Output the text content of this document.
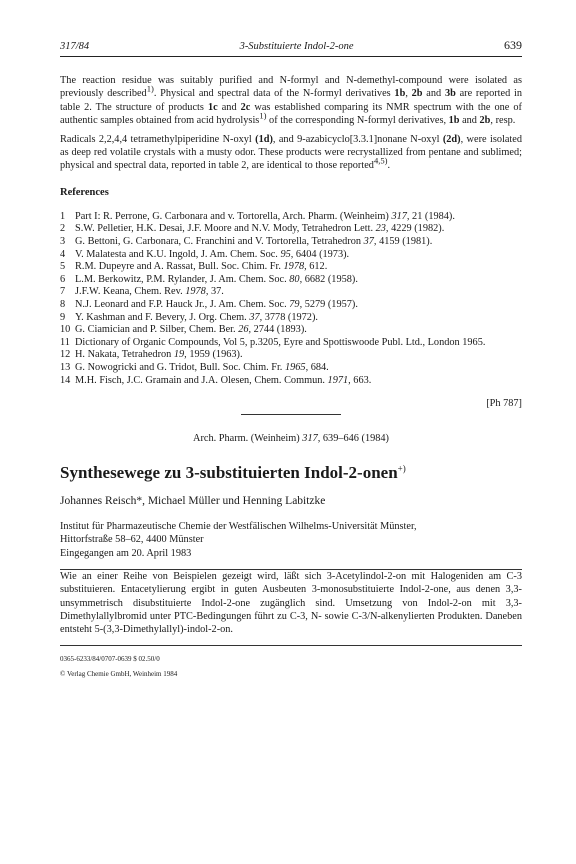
317/84	3-Substituierte Indol-2-one	639

The reaction residue was suitably purified and N-formyl and N-demethyl-compound were isolated as previously described$^{1)}$. Physical and spectral data of the N-formyl derivatives 1b, 2b and 3b are reported in table 2. The structure of products 1c and 2c was established comparing its NMR spectrum with the one of authentic samples obtained from acid hydrolysis$^{1)}$ of the corresponding N-formyl derivatives, 1b and 2b, resp.

Radicals 2,2,4,4 tetramethylpiperidine N-oxyl (1d), and 9-azabicyclo[3.3.1]nonane N-oxyl (2d), were isolated as deep red volatile crystals with a musty odor. These products were recrystallized from pentane and sublimed; physical and spectral data, reported in table 2, are identical to those reported$^{4,5)}$.

References
1 Part I: R. Perrone, G. Carbonara and v. Tortorella, Arch. Pharm. (Weinheim) 317, 21 (1984).
2 S.W. Pelletier, H.K. Desai, J.F. Moore and N.V. Mody, Tetrahedron Lett. 23, 4229 (1982).
3 G. Bettoni, G. Carbonara, C. Franchini and V. Tortorella, Tetrahedron 37, 4159 (1981).
4 V. Malatesta and K.U. Ingold, J. Am. Chem. Soc. 95, 6404 (1973).
5 R.M. Dupeyre and A. Rassat, Bull. Soc. Chim. Fr. 1978, 612.
6 L.M. Berkowitz, P.M. Rylander, J. Am. Chem. Soc. 80, 6682 (1958).
7 J.F.W. Keana, Chem. Rev. 1978, 37.
8 N.J. Leonard and F.P. Hauck Jr., J. Am. Chem. Soc. 79, 5279 (1957).
9 Y. Kashman and F. Bevery, J. Org. Chem. 37, 3778 (1972).
10 G. Ciamician and P. Silber, Chem. Ber. 26, 2744 (1893).
11 Dictionary of Organic Compounds, Vol 5, p.3205, Eyre and Spottiswoode Publ. Ltd., London 1965.
12 H. Nakata, Tetrahedron 19, 1959 (1963).
13 G. Nowogricki and G. Tridot, Bull. Soc. Chim. Fr. 1965, 684.
14 M.H. Fisch, J.C. Gramain and J.A. Olesen, Chem. Commun. 1971, 663.
[Ph 787]
Arch. Pharm. (Weinheim) 317, 639–646 (1984)
Synthesewege zu 3-substituierten Indol-2-onen+)
Johannes Reisch*, Michael Müller und Henning Labitzke
Institut für Pharmazeutische Chemie der Westfälischen Wilhelms-Universität Münster,
Hittorfstraße 58–62, 4400 Münster
Eingegangen am 20. April 1983

Wie an einer Reihe von Beispielen gezeigt wird, läßt sich 3-Acetylindol-2-on mit Halogeniden am C-3 substituieren. Entacetylierung ergibt in guten Ausbeuten 3-monosubstituierte Indol-2-one, aus denen 3,3-unsymmetrisch disubstituierte Indol-2-one zugänglich sind. Umsetzung von Indol-2-on mit 3,3-Dimethylallylbromid unter PTC-Bedingungen führt zu C-3, N- sowie C-3/N-alkenylierten Produkten. Daneben entsteht 5-(3,3-Dimethylallyl)-indol-2-on.

0365-6233/84/0707-0639 $ 02.50/0
© Verlag Chemie GmbH, Weinheim 1984
